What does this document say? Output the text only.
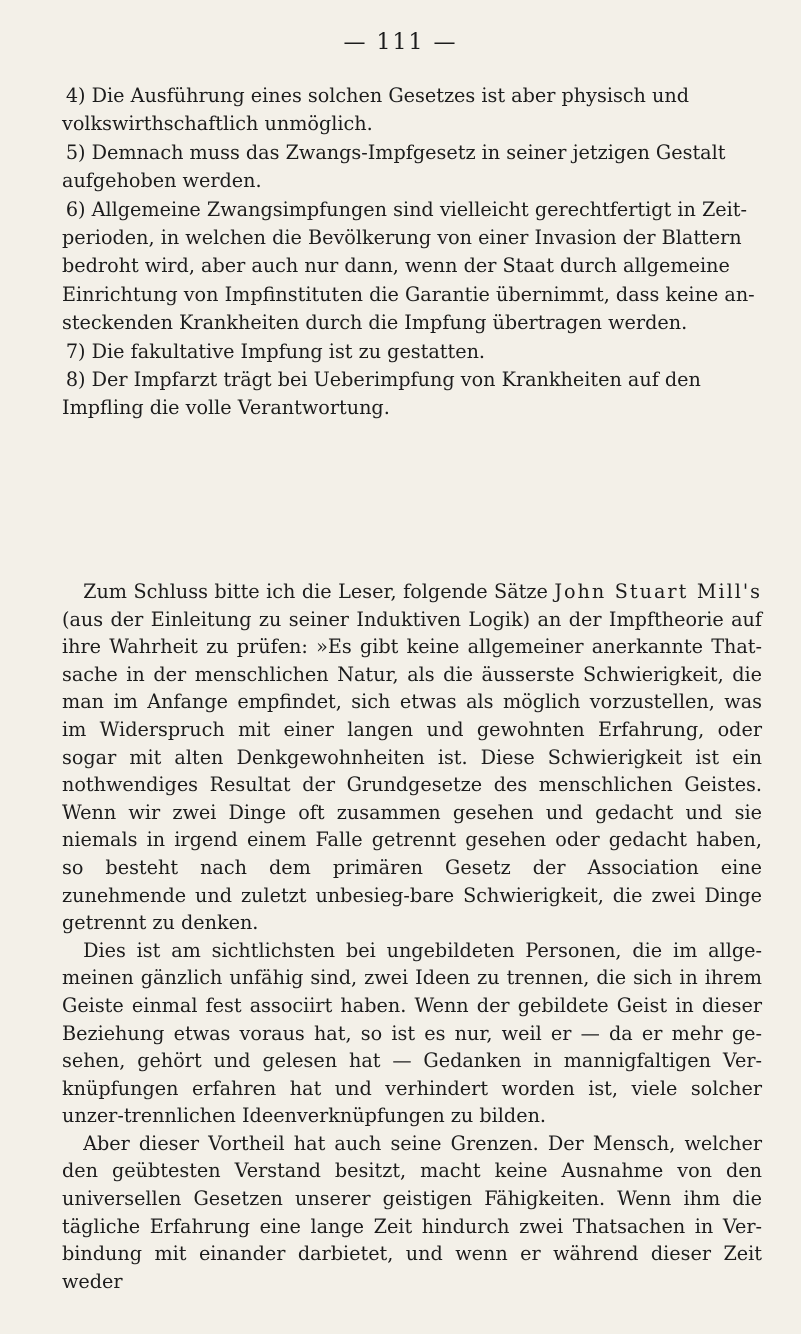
— 111 —

4) Die Ausführung eines solchen Gesetzes ist aber physisch und volkswirthschaftlich unmöglich.

5) Demnach muss das Zwangs-Impfgesetz in seiner jetzigen Gestalt aufgehoben werden.

6) Allgemeine Zwangsimpfungen sind vielleicht gerechtfertigt in Zeit-perioden, in welchen die Bevölkerung von einer Invasion der Blattern bedroht wird, aber auch nur dann, wenn der Staat durch allgemeine Einrichtung von Impfinstituten die Garantie übernimmt, dass keine an-steckenden Krankheiten durch die Impfung übertragen werden.

7) Die fakultative Impfung ist zu gestatten.

8) Der Impfarzt trägt bei Ueberimpfung von Krankheiten auf den Impfling die volle Verantwortung.

Zum Schluss bitte ich die Leser, folgende Sätze John Stuart Mill's (aus der Einleitung zu seiner Induktiven Logik) an der Impftheorie auf ihre Wahrheit zu prüfen: »Es gibt keine allgemeiner anerkannte That-sache in der menschlichen Natur, als die äusserste Schwierigkeit, die man im Anfange empfindet, sich etwas als möglich vorzustellen, was im Widerspruch mit einer langen und gewohnten Erfahrung, oder sogar mit alten Denkgewohnheiten ist. Diese Schwierigkeit ist ein nothwendiges Resultat der Grundgesetze des menschlichen Geistes. Wenn wir zwei Dinge oft zusammen gesehen und gedacht und sie niemals in irgend einem Falle getrennt gesehen oder gedacht haben, so besteht nach dem primären Gesetz der Association eine zunehmende und zuletzt unbesieg-bare Schwierigkeit, die zwei Dinge getrennt zu denken.

Dies ist am sichtlichsten bei ungebildeten Personen, die im allge-meinen gänzlich unfähig sind, zwei Ideen zu trennen, die sich in ihrem Geiste einmal fest associirt haben. Wenn der gebildete Geist in dieser Beziehung etwas voraus hat, so ist es nur, weil er — da er mehr ge-sehen, gehört und gelesen hat — Gedanken in mannigfaltigen Ver-knüpfungen erfahren hat und verhindert worden ist, viele solcher unzer-trennlichen Ideenverknüpfungen zu bilden.

Aber dieser Vortheil hat auch seine Grenzen. Der Mensch, welcher den geübtesten Verstand besitzt, macht keine Ausnahme von den universellen Gesetzen unserer geistigen Fähigkeiten. Wenn ihm die tägliche Erfahrung eine lange Zeit hindurch zwei Thatsachen in Ver-bindung mit einander darbietet, und wenn er während dieser Zeit weder
